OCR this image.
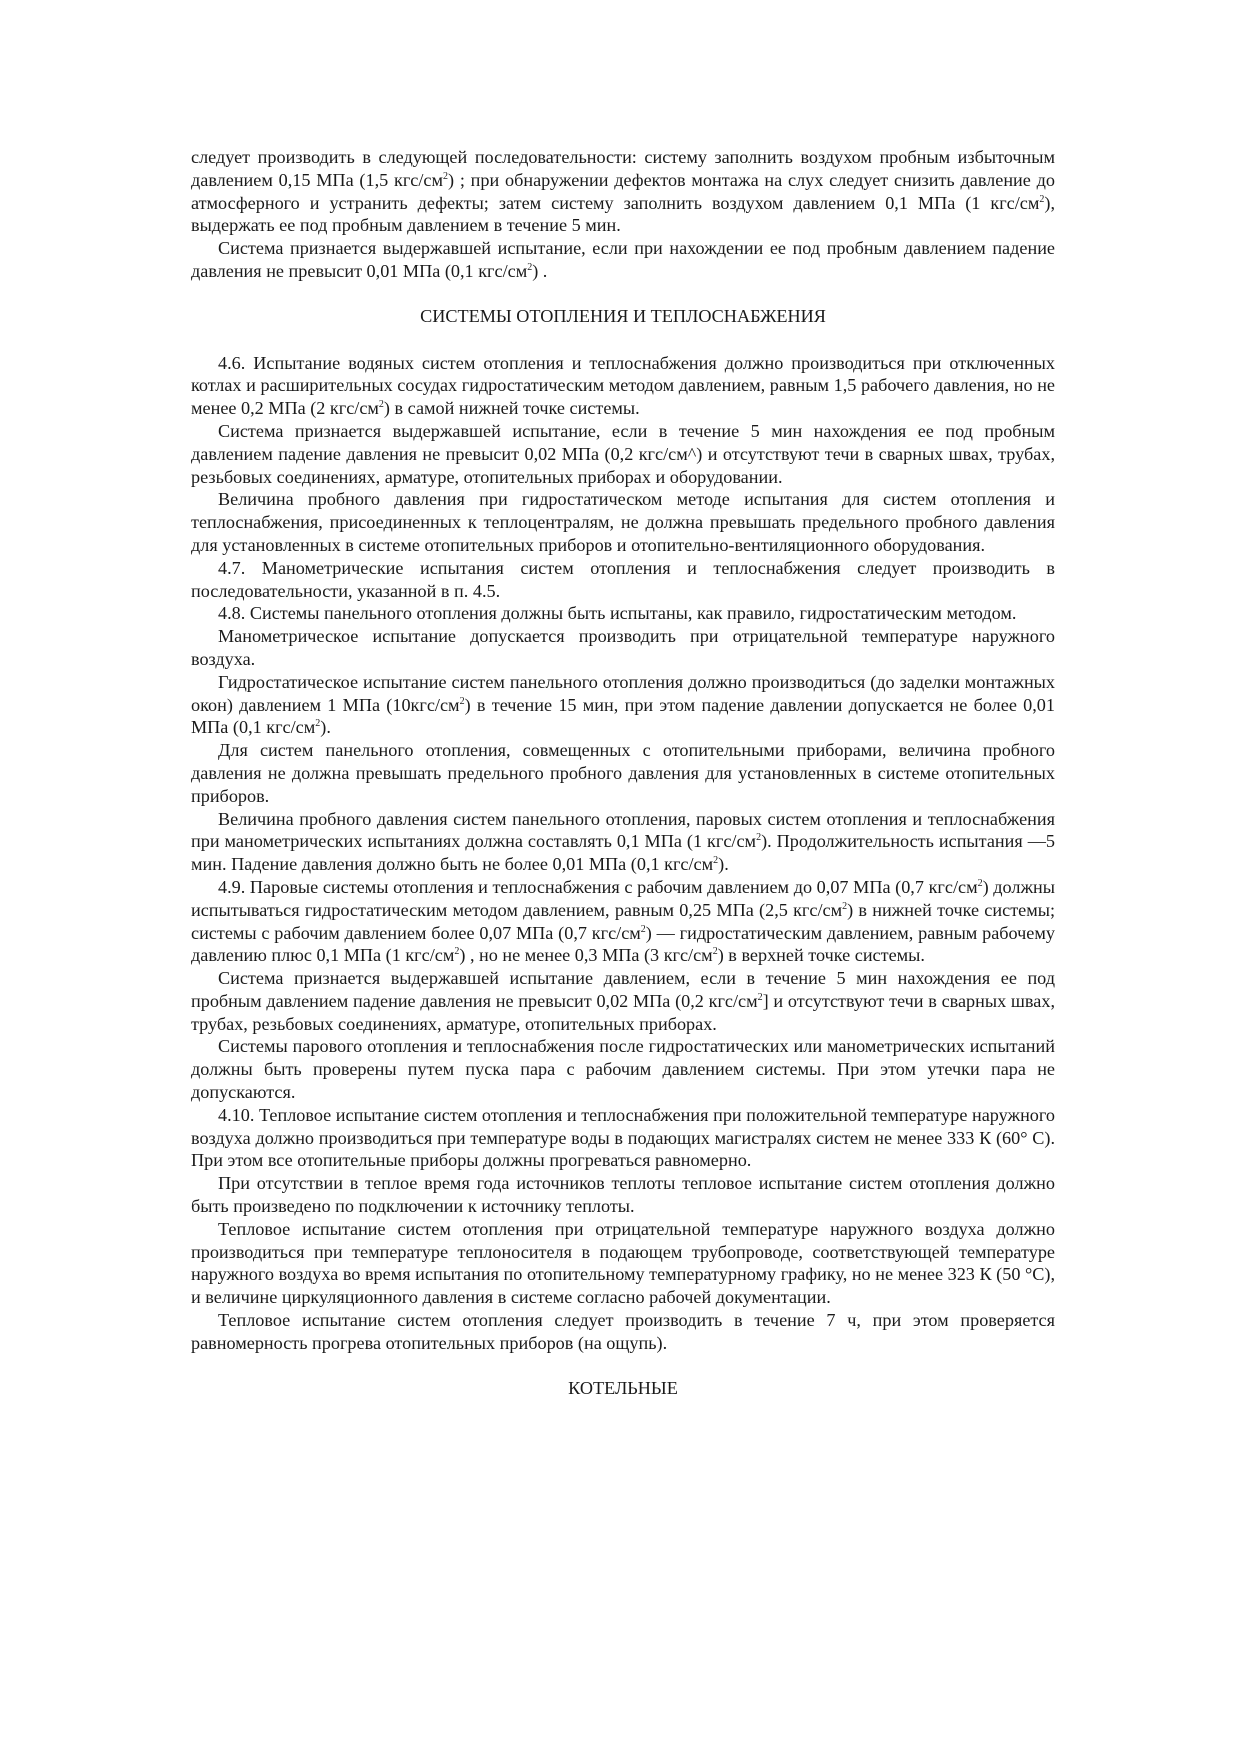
следует производить в следующей последовательности: систему заполнить воздухом пробным избыточным давлением 0,15 МПа (1,5 кгс/$см^2$) ; при обнаружении дефектов монтажа на слух следует снизить давление до атмосферного и устранить дефекты; затем систему заполнить воздухом давлением 0,1 МПа (1 кгс/$см^2$), выдержать ее под пробным давлением в течение 5 мин.

Система признается выдержавшей испытание, если при нахождении ее под пробным давлением падение давления не превысит 0,01 МПа (0,1 кгс/$см^2$) .

СИСТЕМЫ ОТОПЛЕНИЯ И ТЕПЛОСНАБЖЕНИЯ

4.6. Испытание водяных систем отопления и теплоснабжения должно производиться при отключенных котлах и расширительных сосудах гидростатическим методом давлением, равным 1,5 рабочего давления, но не менее 0,2 МПа (2 кгс/$см^2$) в самой нижней точке системы.

Система признается выдержавшей испытание, если в течение 5 мин нахождения ее под пробным давлением падение давления не превысит 0,02 МПа (0,2 кгс/см^) и отсутствуют течи в сварных швах, трубах, резьбовых соединениях, арматуре, отопительных приборах и оборудовании.

Величина пробного давления при гидростатическом методе испытания для систем отопления и теплоснабжения, присоединенных к теплоцентралям, не должна превышать предельного пробного давления для установленных в системе отопительных приборов и отопительно-вентиляционного оборудования.

4.7. Манометрические испытания систем отопления и теплоснабжения следует производить в последовательности, указанной в п. 4.5.

4.8. Системы панельного отопления должны быть испытаны, как правило, гидростатическим методом.

Манометрическое испытание допускается производить при отрицательной температуре наружного воздуха.

Гидростатическое испытание систем панельного отопления должно производиться (до заделки монтажных окон) давлением 1 МПа $(10кгс/см^2)$ в течение 15 мин, при этом падение давлении допускается не более 0,01 МПа (0,1 кгс/$см^2$).

Для систем панельного отопления, совмещенных с отопительными приборами, величина пробного давления не должна превышать предельного пробного давления для установленных в системе отопительных приборов.

Величина пробного давления систем панельного отопления, паровых систем отопления и теплоснабжения при манометрических испытаниях должна составлять 0,1 МПа (1 кгс/$см^2$). Продолжительность испытания —5 мин. Падение давления должно быть не более 0,01 МПа (0,1 кгс/$см^2$).

4.9. Паровые системы отопления и теплоснабжения с рабочим давлением до 0,07 МПа (0,7 кгс/$см^2$) должны испытываться гидростатическим методом давлением, равным 0,25 МПа (2,5 кгс/$см^2$) в нижней точке системы; системы с рабочим давлением более 0,07 МПа (0,7 кгс/$см^2$) — гидростатическим давлением, равным рабочему давлению плюс 0,1 МПа (1 кгс/$см^2$) , но не менее 0,3 МПа (3 кгс/$см^2$) в верхней точке системы.

Система признается выдержавшей испытание давлением, если в течение 5 мин нахождения ее под пробным давлением падение давления не превысит 0,02 МПа (0,2 кгс/$см^2$] и отсутствуют течи в сварных швах, трубах, резьбовых соединениях, арматуре, отопительных приборах.

Системы парового отопления и теплоснабжения после гидростатических или манометрических испытаний должны быть проверены путем пуска пара с рабочим давлением системы. При этом утечки пара не допускаются.

4.10. Тепловое испытание систем отопления и теплоснабжения при положительной температуре наружного воздуха должно производиться при температуре воды в подающих магистралях систем не менее 333 К (60° С). При этом все отопительные приборы должны прогреваться равномерно.

При отсутствии в теплое время года источников теплоты тепловое испытание систем отопления должно быть произведено по подключении к источнику теплоты.

Тепловое испытание систем отопления при отрицательной температуре наружного воздуха должно производиться при температуре теплоносителя в подающем трубопроводе, соответствующей температуре наружного воздуха во время испытания по отопительному температурному графику, но не менее 323 К (50 °С), и величине циркуляционного давления в системе согласно рабочей документации.

Тепловое испытание систем отопления следует производить в течение 7 ч, при этом проверяется равномерность прогрева отопительных приборов (на ощупь).

КОТЕЛЬНЫЕ
